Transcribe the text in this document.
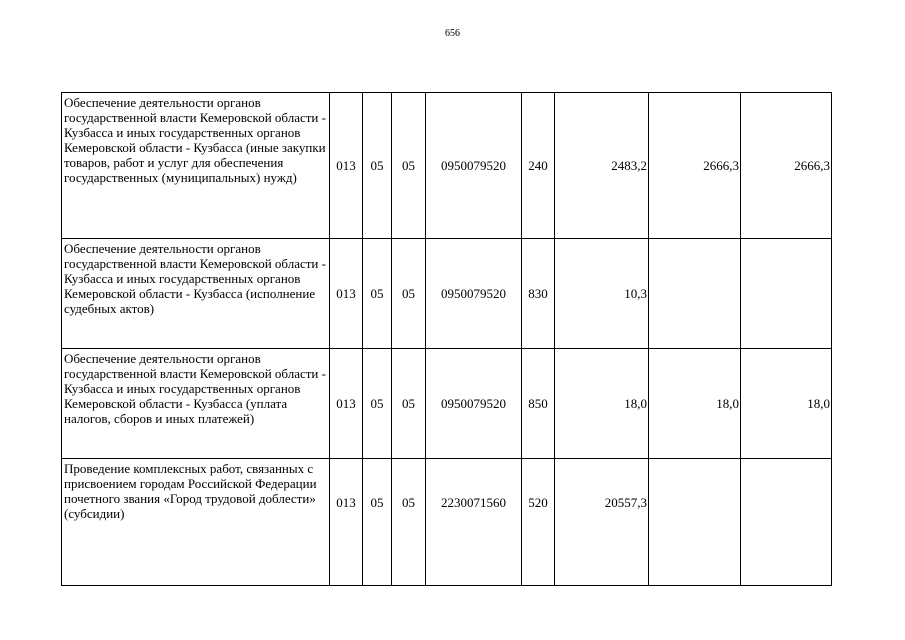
656
Обеспечение деятельности органов государственной власти Кемеровской области - Кузбасса и иных государственных органов Кемеровской области - Кузбасса (иные закупки товаров, работ и услуг для обеспечения государственных (муниципальных) нужд)	013	05	05	0950079520	240	2483,2	2666,3	2666,3
Обеспечение деятельности органов государственной власти Кемеровской области - Кузбасса и иных государственных органов Кемеровской области - Кузбасса (исполнение судебных актов)	013	05	05	0950079520	830	10,3		
Обеспечение деятельности органов государственной власти Кемеровской области - Кузбасса и иных государственных органов Кемеровской области - Кузбасса (уплата налогов, сборов и иных платежей)	013	05	05	0950079520	850	18,0	18,0	18,0
Проведение комплексных работ, связанных с присвоением городам Российской Федерации почетного звания «Город трудовой доблести» (субсидии)	013	05	05	2230071560	520	20557,3		
